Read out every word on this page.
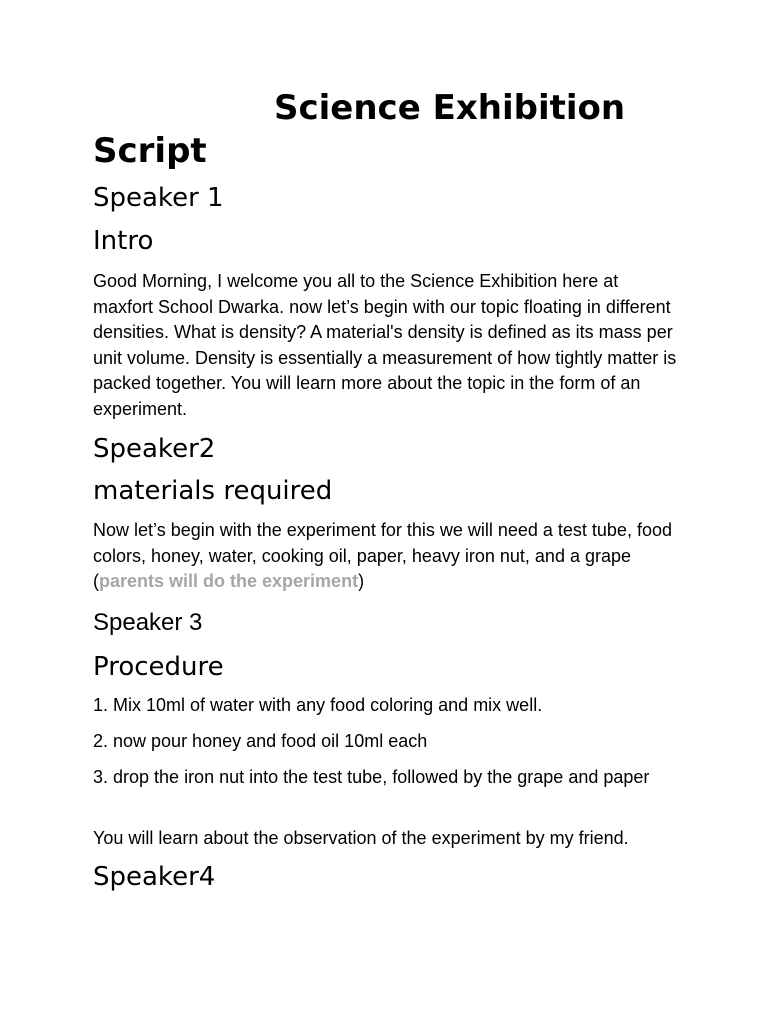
Science Exhibition
Script
Speaker 1
Intro

Good Morning, I welcome you all to the Science Exhibition here at maxfort School Dwarka. now let’s begin with our topic floating in different densities. What is density? A material's density is defined as its mass per unit volume. Density is essentially a measurement of how tightly matter is packed together. You will learn more about the topic in the form of an experiment.

Speaker2
materials required

Now let’s begin with the experiment for this we will need a test tube, food colors, honey, water, cooking oil, paper, heavy iron nut, and a grape (parents will do the experiment)

Speaker 3
Procedure

1. Mix 10ml of water with any food coloring and mix well.

2. now pour honey and food oil 10ml each

3. drop the iron nut into the test tube, followed by the grape and paper

You will learn about the observation of the experiment by my friend.

Speaker4
